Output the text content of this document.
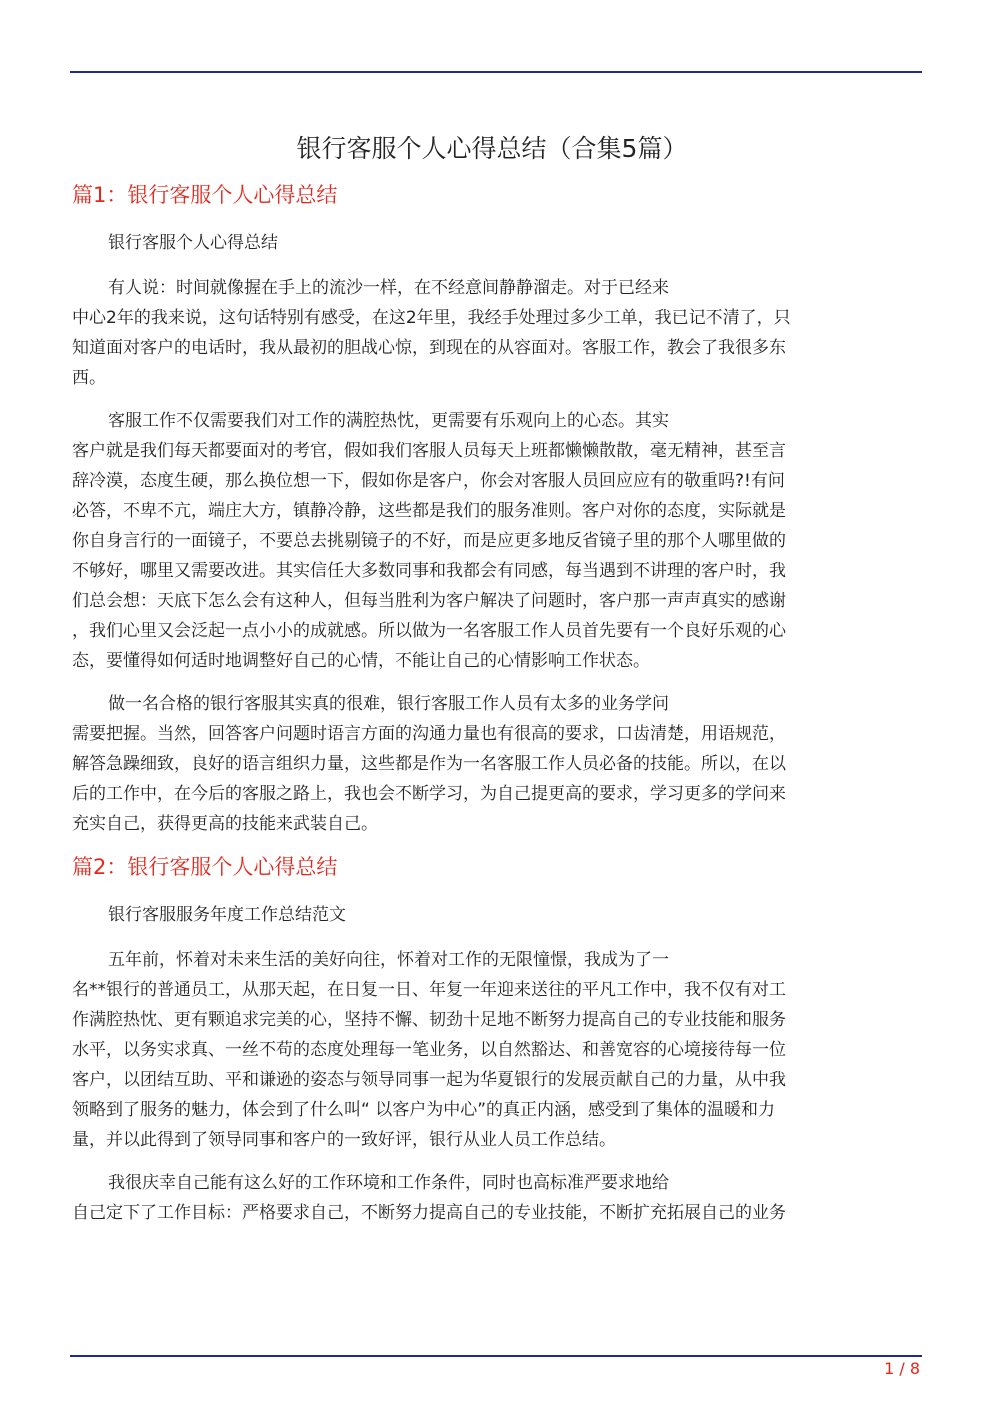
银行客服个人心得总结（合集5篇）
篇1：银行客服个人心得总结
银行客服个人心得总结
有人说：时间就像握在手上的流沙一样，在不经意间静静溜走。对于已经来
中心2年的我来说，这句话特别有感受，在这2年里，我经手处理过多少工单，我已记不清了，只
知道面对客户的电话时，我从最初的胆战心惊，到现在的从容面对。客服工作，教会了我很多东
西。
客服工作不仅需要我们对工作的满腔热忱，更需要有乐观向上的心态。其实
客户就是我们每天都要面对的考官，假如我们客服人员每天上班都懒懒散散，毫无精神，甚至言
辞冷漠，态度生硬，那么换位想一下，假如你是客户，你会对客服人员回应应有的敬重吗?!有问
必答，不卑不亢，端庄大方，镇静冷静，这些都是我们的服务准则。客户对你的态度，实际就是
你自身言行的一面镜子，不要总去挑剔镜子的不好，而是应更多地反省镜子里的那个人哪里做的
不够好，哪里又需要改进。其实信任大多数同事和我都会有同感，每当遇到不讲理的客户时，我
们总会想：天底下怎么会有这种人，但每当胜利为客户解决了问题时，客户那一声声真实的感谢
，我们心里又会泛起一点小小的成就感。所以做为一名客服工作人员首先要有一个良好乐观的心
态，要懂得如何适时地调整好自己的心情，不能让自己的心情影响工作状态。
做一名合格的银行客服其实真的很难，银行客服工作人员有太多的业务学问
需要把握。当然，回答客户问题时语言方面的沟通力量也有很高的要求，口齿清楚，用语规范，
解答急躁细致，良好的语言组织力量，这些都是作为一名客服工作人员必备的技能。所以，在以
后的工作中，在今后的客服之路上，我也会不断学习，为自己提更高的要求，学习更多的学问来
充实自己，获得更高的技能来武装自己。
篇2：银行客服个人心得总结
银行客服服务年度工作总结范文
五年前，怀着对未来生活的美好向往，怀着对工作的无限憧憬，我成为了一
名**银行的普通员工，从那天起，在日复一日、年复一年迎来送往的平凡工作中，我不仅有对工
作满腔热忱、更有颗追求完美的心，坚持不懈、韧劲十足地不断努力提高自己的专业技能和服务
水平，以务实求真、一丝不苟的态度处理每一笔业务，以自然豁达、和善宽容的心境接待每一位
客户，以团结互助、平和谦逊的姿态与领导同事一起为华夏银行的发展贡献自己的力量，从中我
领略到了服务的魅力，体会到了什么叫“ 以客户为中心”的真正内涵，感受到了集体的温暖和力
量，并以此得到了领导同事和客户的一致好评，银行从业人员工作总结。
我很庆幸自己能有这么好的工作环境和工作条件，同时也高标准严要求地给
自己定下了工作目标：严格要求自己，不断努力提高自己的专业技能，不断扩充拓展自己的业务
1 / 8
